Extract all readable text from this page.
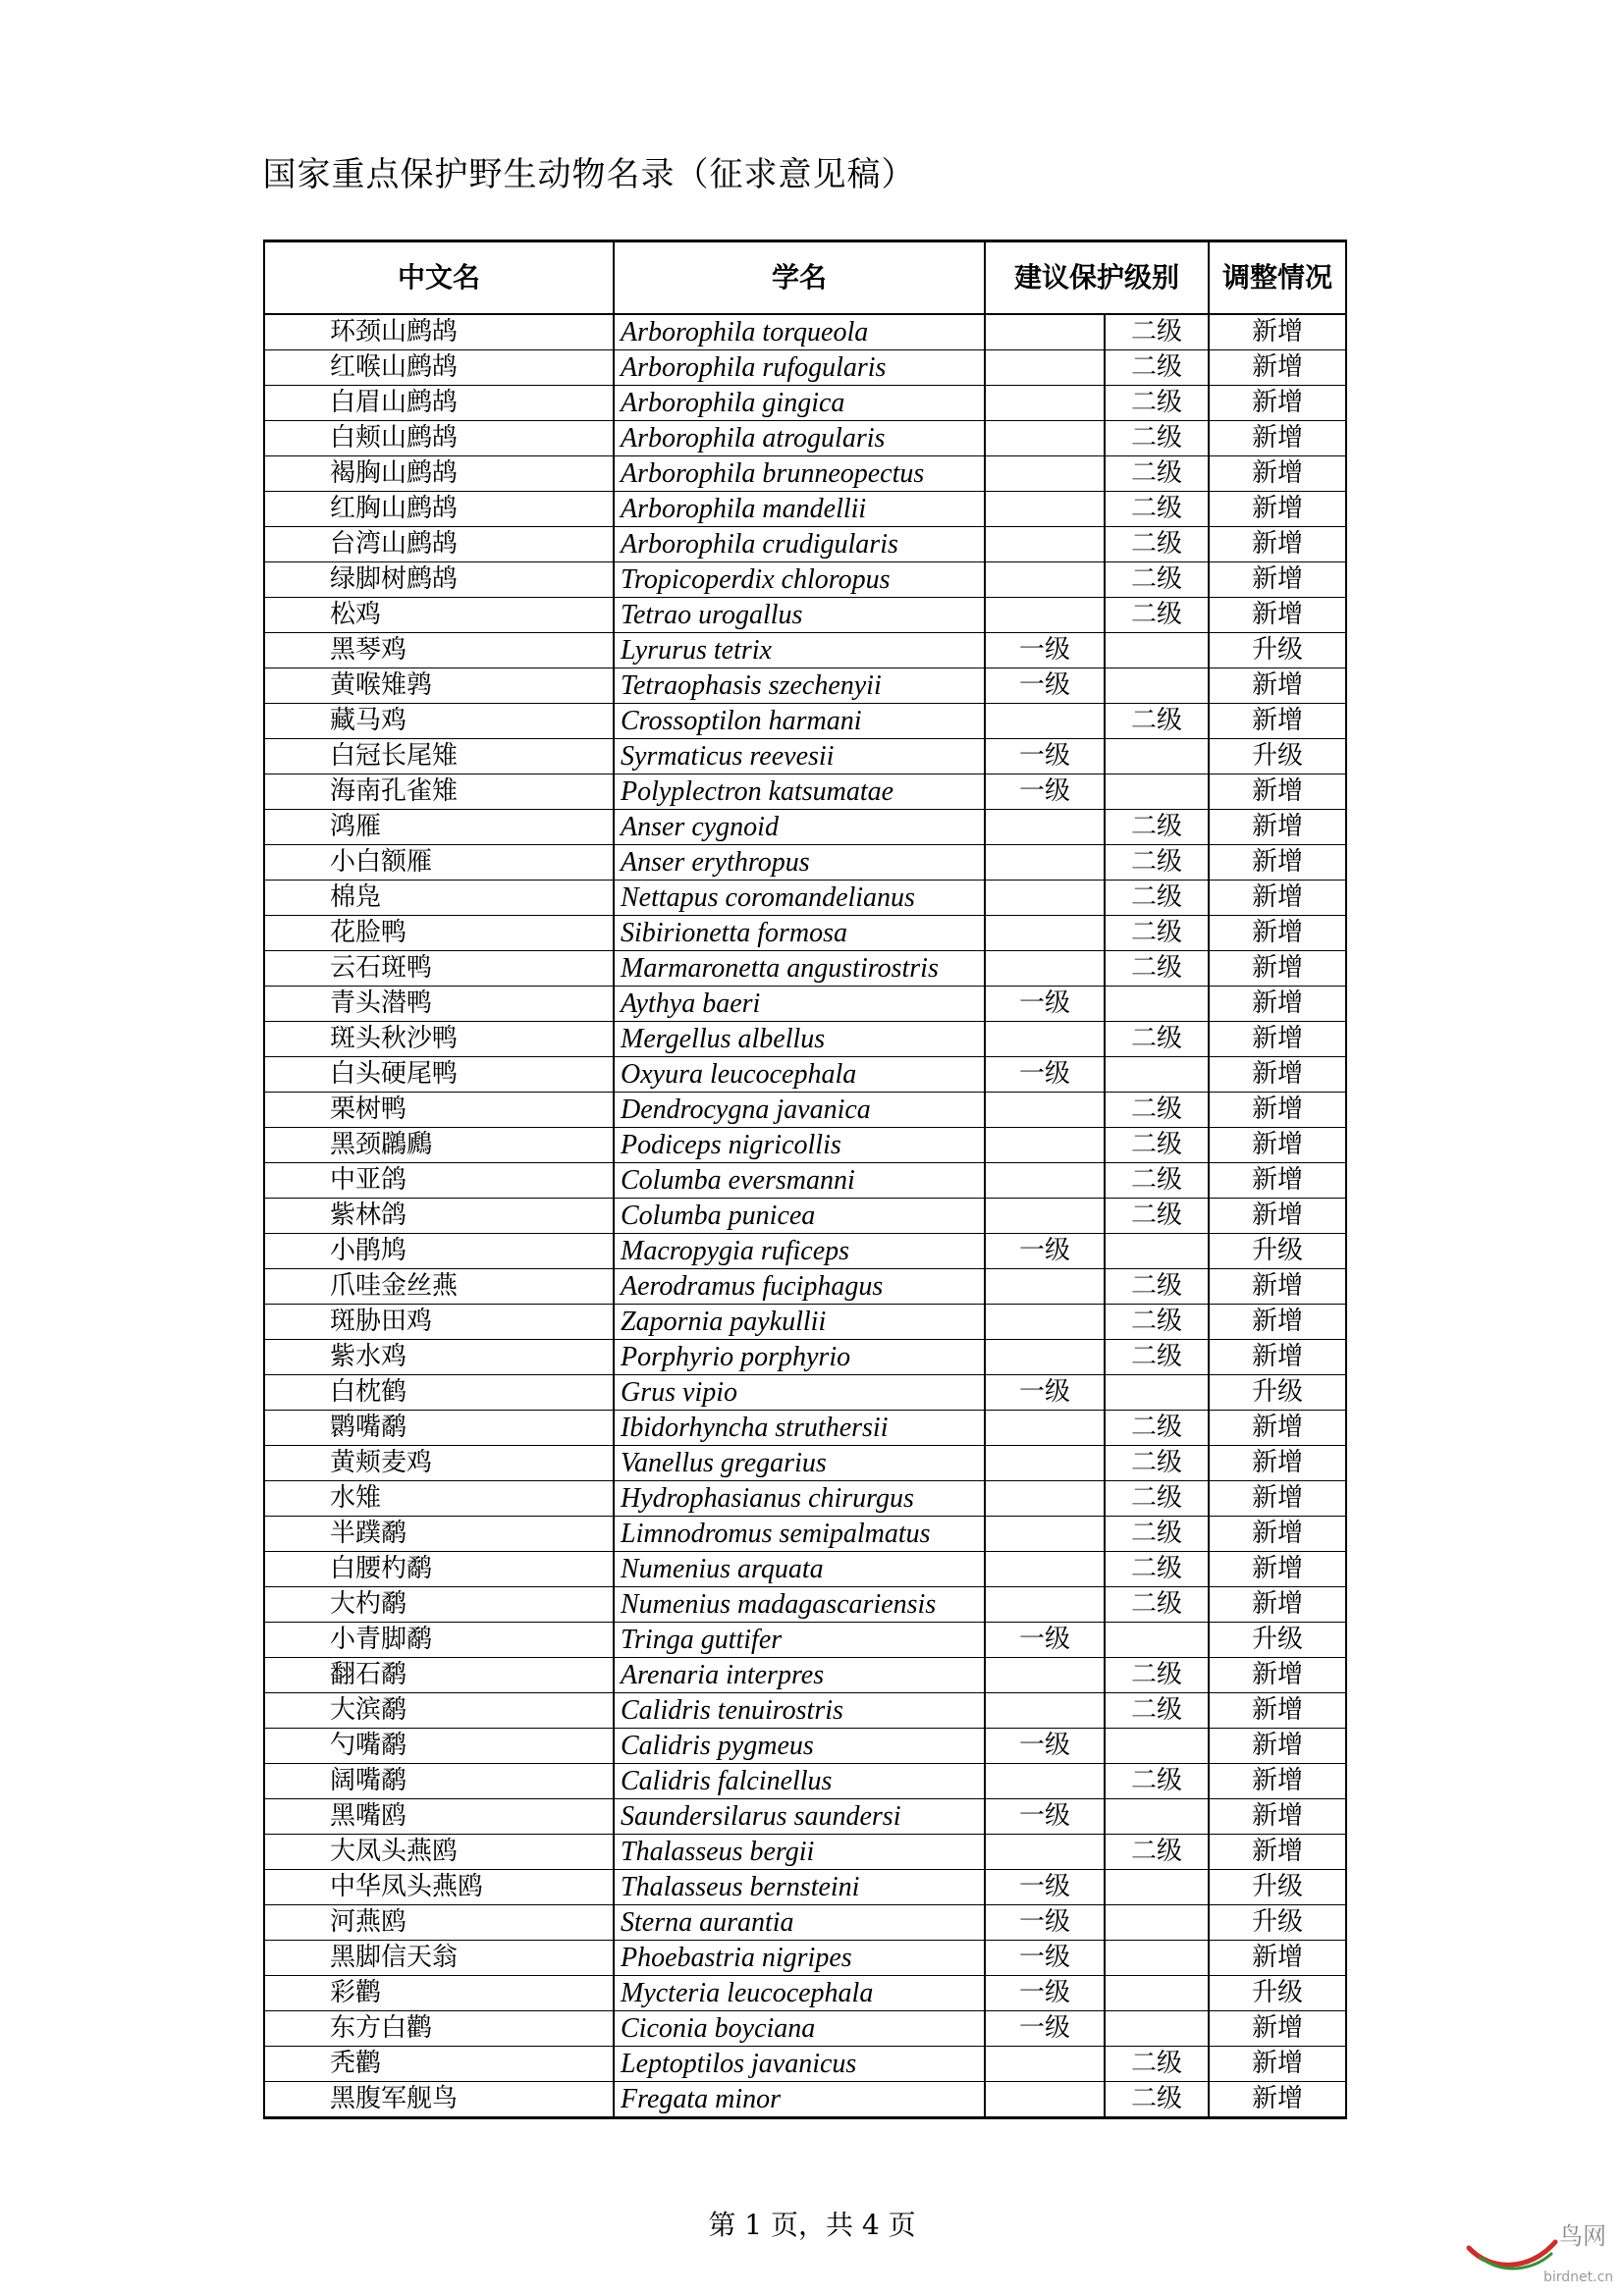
国家重点保护野生动物名录（征求意见稿）
中文名	学名	建议保护级别		调整情况
环颈山鹧鸪	Arborophila torqueola		二级	新增
红喉山鹧鸪	Arborophila rufogularis		二级	新增
白眉山鹧鸪	Arborophila gingica		二级	新增
白颊山鹧鸪	Arborophila atrogularis		二级	新增
褐胸山鹧鸪	Arborophila brunneopectus		二级	新增
红胸山鹧鸪	Arborophila mandellii		二级	新增
台湾山鹧鸪	Arborophila crudigularis		二级	新增
绿脚树鹧鸪	Tropicoperdix chloropus		二级	新增
松鸡	Tetrao urogallus		二级	新增
黑琴鸡	Lyrurus tetrix	一级		升级
黄喉雉鹑	Tetraophasis szechenyii	一级		新增
藏马鸡	Crossoptilon harmani		二级	新增
白冠长尾雉	Syrmaticus reevesii	一级		升级
海南孔雀雉	Polyplectron katsumatae	一级		新增
鸿雁	Anser cygnoid		二级	新增
小白额雁	Anser erythropus		二级	新增
棉凫	Nettapus coromandelianus		二级	新增
花脸鸭	Sibirionetta formosa		二级	新增
云石斑鸭	Marmaronetta angustirostris		二级	新增
青头潜鸭	Aythya baeri	一级		新增
斑头秋沙鸭	Mergellus albellus		二级	新增
白头硬尾鸭	Oxyura leucocephala	一级		新增
栗树鸭	Dendrocygna javanica		二级	新增
黑颈鸊鷉	Podiceps nigricollis		二级	新增
中亚鸽	Columba eversmanni		二级	新增
紫林鸽	Columba punicea		二级	新增
小鹃鸠	Macropygia ruficeps	一级		升级
爪哇金丝燕	Aerodramus fuciphagus		二级	新增
斑胁田鸡	Zapornia paykullii		二级	新增
紫水鸡	Porphyrio porphyrio		二级	新增
白枕鹤	Grus vipio	一级		升级
鹮嘴鹬	Ibidorhyncha struthersii		二级	新增
黄颊麦鸡	Vanellus gregarius		二级	新增
水雉	Hydrophasianus chirurgus		二级	新增
半蹼鹬	Limnodromus semipalmatus		二级	新增
白腰杓鹬	Numenius arquata		二级	新增
大杓鹬	Numenius madagascariensis		二级	新增
小青脚鹬	Tringa guttifer	一级		升级
翻石鹬	Arenaria interpres		二级	新增
大滨鹬	Calidris tenuirostris		二级	新增
勺嘴鹬	Calidris pygmeus	一级		新增
阔嘴鹬	Calidris falcinellus		二级	新增
黑嘴鸥	Saundersilarus saundersi	一级		新增
大凤头燕鸥	Thalasseus bergii		二级	新增
中华凤头燕鸥	Thalasseus bernsteini	一级		升级
河燕鸥	Sterna aurantia	一级		升级
黑脚信天翁	Phoebastria nigripes	一级		新增
彩鹳	Mycteria leucocephala	一级		升级
东方白鹳	Ciconia boyciana	一级		新增
秃鹳	Leptoptilos javanicus		二级	新增
黑腹军舰鸟	Fregata minor		二级	新增
第 1 页，共 4 页	鸟网
birdnet.cn
